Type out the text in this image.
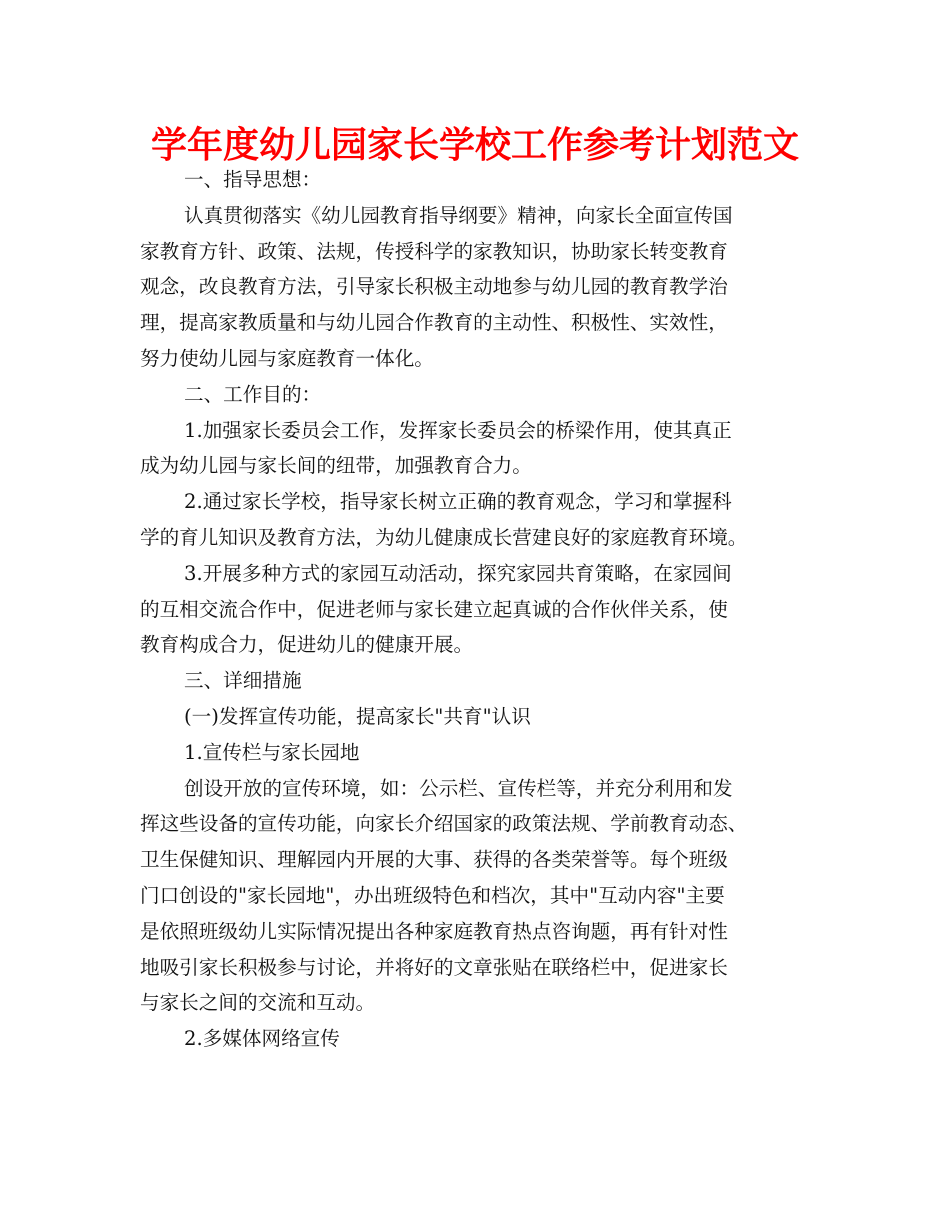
学年度幼儿园家长学校工作参考计划范文

一、指导思想：

认真贯彻落实《幼儿园教育指导纲要》精神，向家长全面宣传国
家教育方针、政策、法规，传授科学的家教知识，协助家长转变教育
观念，改良教育方法，引导家长积极主动地参与幼儿园的教育教学治
理，提高家教质量和与幼儿园合作教育的主动性、积极性、实效性，
努力使幼儿园与家庭教育一体化。

二、工作目的：

1.加强家长委员会工作，发挥家长委员会的桥梁作用，使其真正
成为幼儿园与家长间的纽带，加强教育合力。

2.通过家长学校，指导家长树立正确的教育观念，学习和掌握科
学的育儿知识及教育方法，为幼儿健康成长营建良好的家庭教育环境。

3.开展多种方式的家园互动活动，探究家园共育策略，在家园间
的互相交流合作中，促进老师与家长建立起真诚的合作伙伴关系，使
教育构成合力，促进幼儿的健康开展。

三、详细措施

(一)发挥宣传功能，提高家长"共育"认识

1.宣传栏与家长园地

创设开放的宣传环境，如：公示栏、宣传栏等，并充分利用和发
挥这些设备的宣传功能，向家长介绍国家的政策法规、学前教育动态、
卫生保健知识、理解园内开展的大事、获得的各类荣誉等。每个班级
门口创设的"家长园地"，办出班级特色和档次，其中"互动内容"主要
是依照班级幼儿实际情况提出各种家庭教育热点咨询题，再有针对性
地吸引家长积极参与讨论，并将好的文章张贴在联络栏中，促进家长
与家长之间的交流和互动。

2.多媒体网络宣传
